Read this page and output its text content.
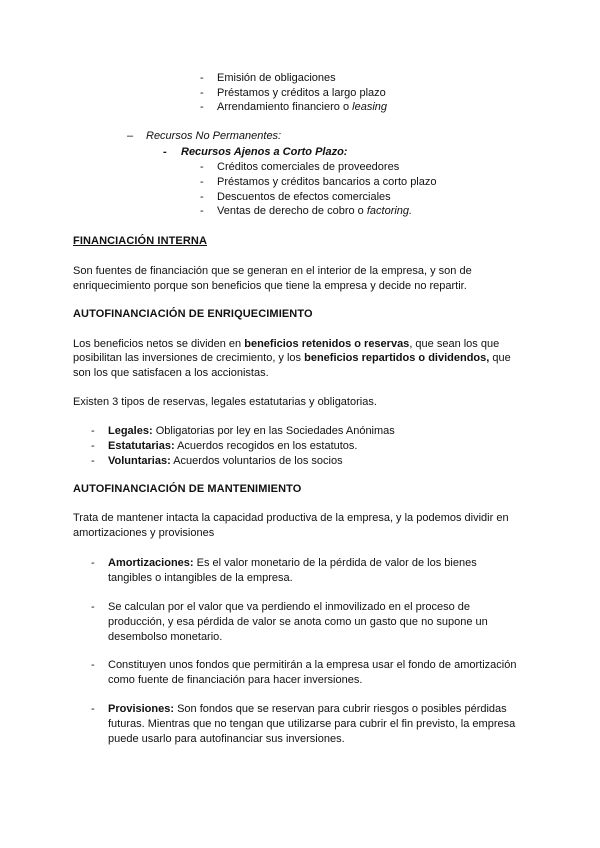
- Emisión de obligaciones
- Préstamos y créditos a largo plazo
- Arrendamiento financiero o leasing
– Recursos No Permanentes:
- Recursos Ajenos a Corto Plazo:
- Créditos comerciales de proveedores
- Préstamos y créditos bancarios a corto plazo
- Descuentos de efectos comerciales
- Ventas de derecho de cobro o factoring.
FINANCIACIÓN INTERNA
Son fuentes de financiación que se generan en el interior de la empresa, y son de
enriquecimiento porque son beneficios que tiene la empresa y decide no repartir.
AUTOFINANCIACIÓN DE ENRIQUECIMIENTO
Los beneficios netos se dividen en beneficios retenidos o reservas, que sean los que
posibilitan las inversiones de crecimiento, y los beneficios repartidos o dividendos, que
son los que satisfacen a los accionistas.
Existen 3 tipos de reservas, legales estatutarias y obligatorias.
- Legales: Obligatorias por ley en las Sociedades Anónimas
- Estatutarias: Acuerdos recogidos en los estatutos.
- Voluntarias: Acuerdos voluntarios de los socios
AUTOFINANCIACIÓN DE MANTENIMIENTO
Trata de mantener intacta la capacidad productiva de la empresa, y la podemos dividir en
amortizaciones y provisiones
- Amortizaciones: Es el valor monetario de la pérdida de valor de los bienes
tangibles o intangibles de la empresa.
- Se calculan por el valor que va perdiendo el inmovilizado en el proceso de
producción, y esa pérdida de valor se anota como un gasto que no supone un
desembolso monetario.
- Constituyen unos fondos que permitirán a la empresa usar el fondo de amortización
como fuente de financiación para hacer inversiones.
- Provisiones: Son fondos que se reservan para cubrir riesgos o posibles pérdidas
futuras. Mientras que no tengan que utilizarse para cubrir el fin previsto, la empresa
puede usarlo para autofinanciar sus inversiones.
